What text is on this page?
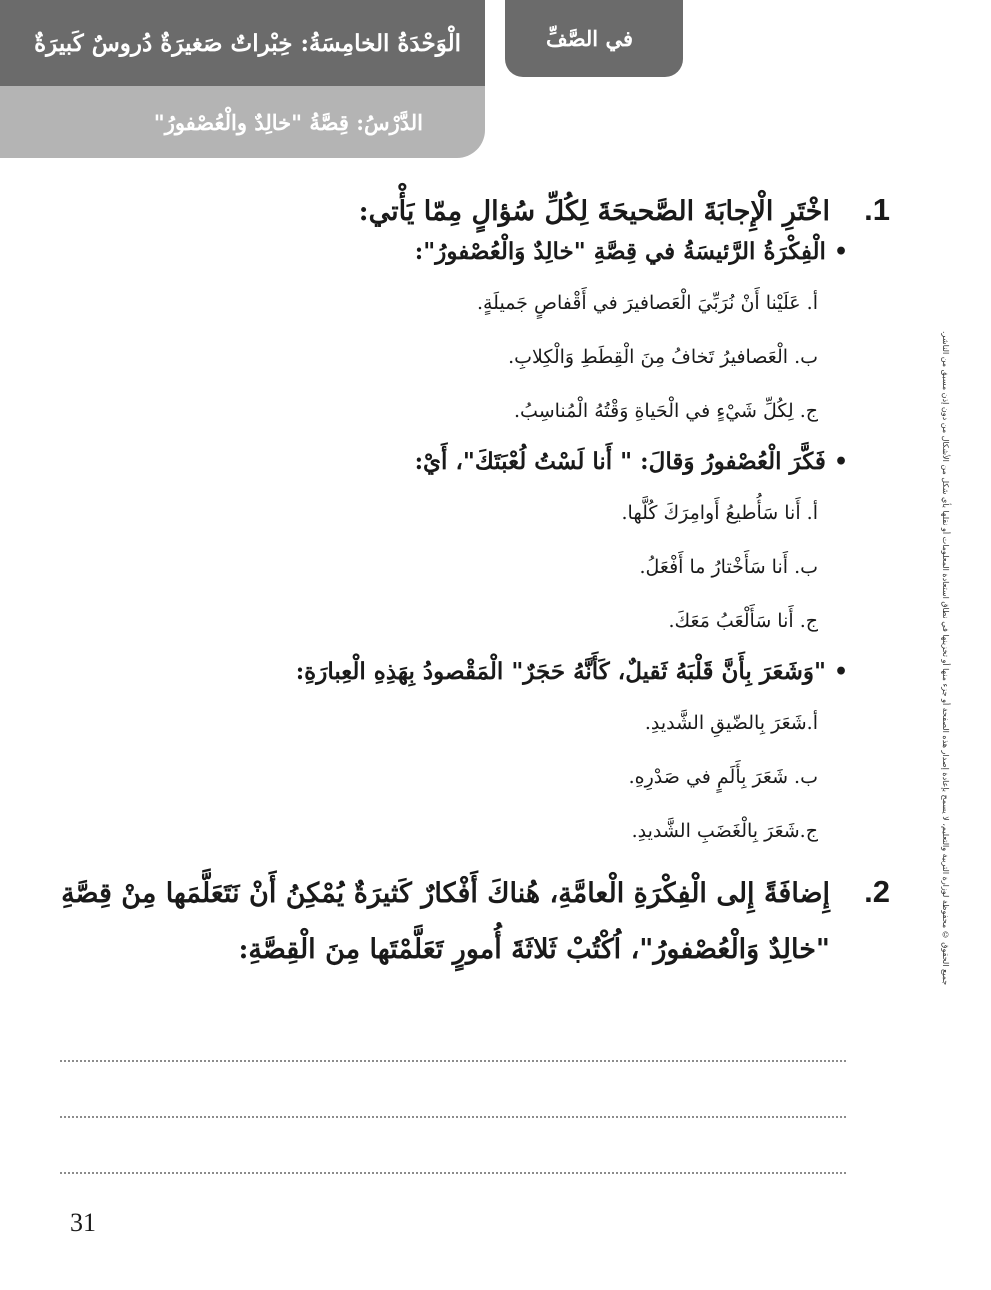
الْوَحْدَةُ الخامِسَةُ: خِبْراتٌ صَغيرَةٌ دُروسٌ كَبيرَةٌ
الدَّرْسُ: قِصَّةُ "خالِدٌ والْعُصْفورُ"
في الصَّفِّ
جميع الحقوق © محفوظة لوزارة التربية والتعليم، لا يسمح بإعادة إصدار هذه الصفحة أو جزء منها أو تخزينها في نطاق استعادة المعلومات أو نقلها بأي شكل من الأشكال من دون إذن مسبق من الناشر.
1.
اخْتَرِ الْإِجابَةَ الصَّحيحَةَ لِكُلِّ سُؤالٍ مِمّا يَأْتي:
•
الْفِكْرَةُ الرَّئيسَةُ في قِصَّةِ "خالِدٌ وَالْعُصْفورُ":
أ. عَلَيْنا أَنْ نُرَبِّيَ الْعَصافيرَ في أَقْفاصٍ جَميلَةٍ.
ب. الْعَصافيرُ تَخافُ مِنَ الْقِطَطِ وَالْكِلابِ.
ج. لِكُلِّ شَيْءٍ في الْحَياةِ وَقْتُهُ الْمُناسِبُ.
•
فَكَّرَ الْعُصْفورُ وَقالَ: " أَنا لَسْتُ لُعْبَتَكَ"، أَيْ:
أ. أَنا سَأُطيعُ أَوامِرَكَ كُلَّها.
ب. أَنا سَأَخْتارُ ما أَفْعَلُ.
ج. أَنا سَأَلْعَبُ مَعَكَ.
•
"وَشَعَرَ بِأَنَّ قَلْبَهُ ثَقيلٌ، كَأَنَّهُ حَجَرٌ" الْمَقْصودُ بِهَذِهِ الْعِبارَةِ:
أ.شَعَرَ بِالضّيقِ الشَّديدِ.
ب. شَعَرَ بِأَلَمٍ في صَدْرِهِ.
ج.شَعَرَ بِالْغَضَبِ الشَّديدِ.
2.
إِضافَةً إِلى الْفِكْرَةِ الْعامَّةِ، هُناكَ أَفْكارٌ كَثيرَةٌ يُمْكِنُ أَنْ نَتَعَلَّمَها مِنْ قِصَّةِ "خالِدٌ وَالْعُصْفورُ"، اُكْتُبْ ثَلاثَةَ أُمورٍ تَعَلَّمْتَها مِنَ الْقِصَّةِ:
31
